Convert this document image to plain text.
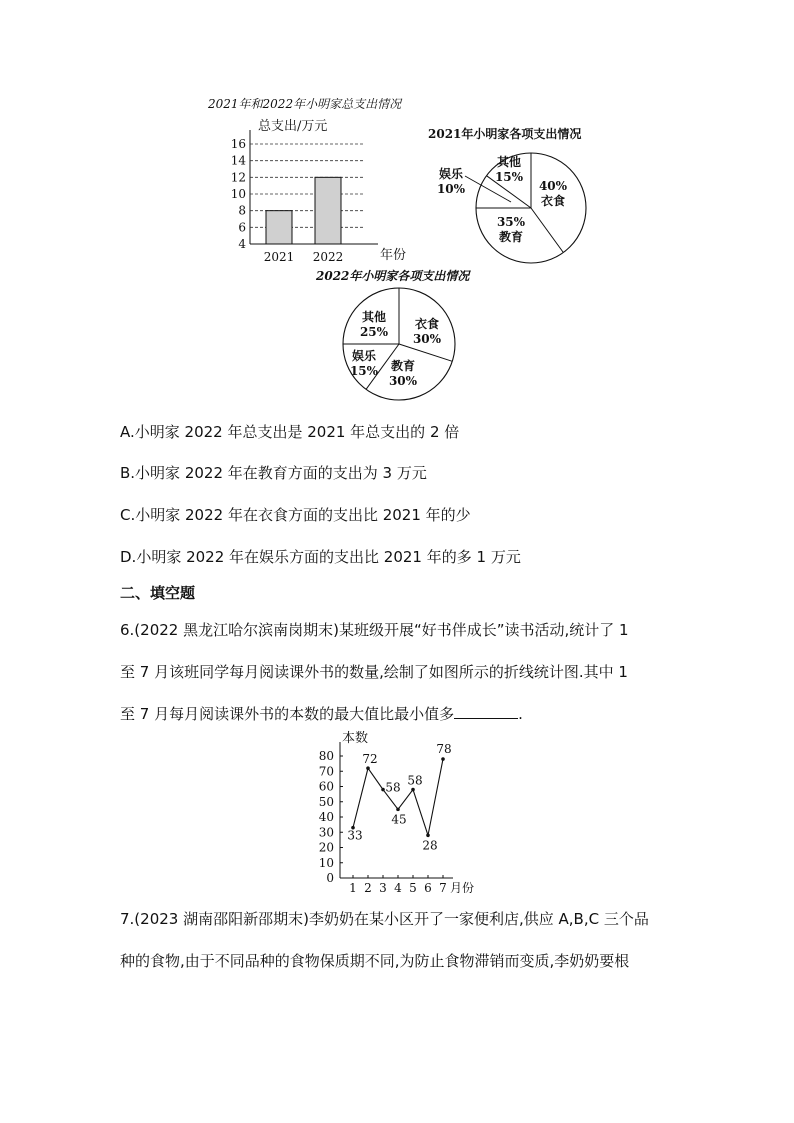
2021年和2022年小明家总支出情况
总支出/万元
4
6
8
10
12
14
16
2021 2022	年份
2021年小明家各项支出情况
40%
衣食
35%
教育
娱乐
10%
其他
15%
2022年小明家各项支出情况
衣食
30%
教育
30%
娱乐
15%
其他
25%
A.小明家 2022 年总支出是 2021 年总支出的 2 倍
B.小明家 2022 年在教育方面的支出为 3 万元
C.小明家 2022 年在衣食方面的支出比 2021 年的少
D.小明家 2022 年在娱乐方面的支出比 2021 年的多 1 万元
二、填空题
6.(2022 黑龙江哈尔滨南岗期末)某班级开展“好书伴成长”读书活动,统计了 1
至 7 月该班同学每月阅读课外书的数量,绘制了如图所示的折线统计图.其中 1
至 7 月每月阅读课外书的本数的最大值比最小值多	.
本数
0
10
20
30
40
50
60
70
80
1 2 3 4 5 6 7
33
72
58
45
58
28
78
月份
7.(2023 湖南邵阳新邵期末)李奶奶在某小区开了一家便利店,供应 A,B,C 三个品
种的食物,由于不同品种的食物保质期不同,为防止食物滞销而变质,李奶奶要根
